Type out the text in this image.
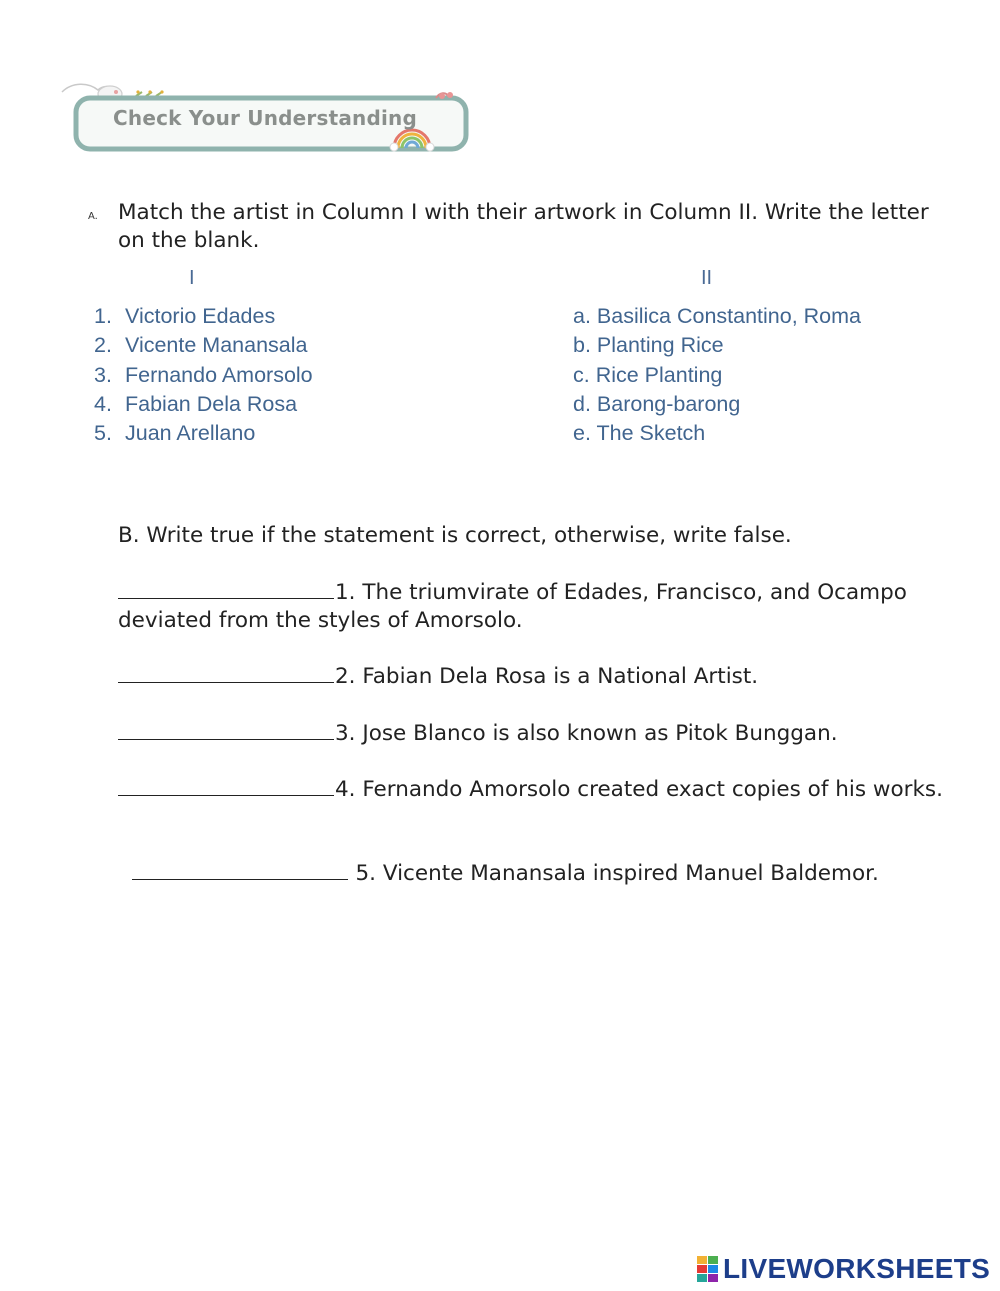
Check Your Understanding
A. Match the artist in Column I with their artwork in Column II. Write the letter on the blank.
I	II
1. Victorio Edades
2. Vicente Manansala
3. Fernando Amorsolo
4. Fabian Dela Rosa
5. Juan Arellano
a. Basilica Constantino, Roma
b. Planting Rice
c. Rice Planting
d. Barong-barong
e. The Sketch
B. Write true if the statement is correct, otherwise, write false.
1. The triumvirate of Edades, Francisco, and Ocampo deviated from the styles of Amorsolo.
2. Fabian Dela Rosa is a National Artist.
3. Jose Blanco is also known as Pitok Bunggan.
4. Fernando Amorsolo created exact copies of his works.

5. Vicente Manansala inspired Manuel Baldemor.

LIVEWORKSHEETS
